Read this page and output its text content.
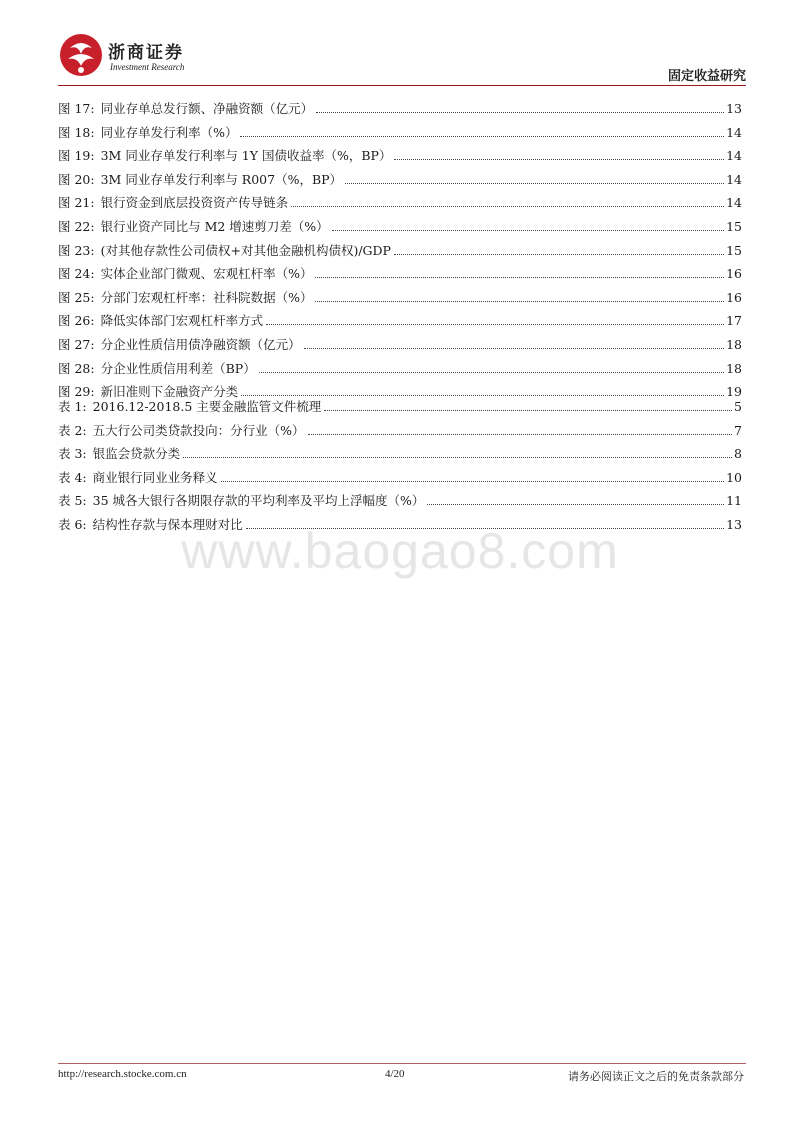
浙商证券
Investment Research
固定收益研究
图 17: 同业存单总发行额、净融资额（亿元）	13
图 18: 同业存单发行利率（%）	14
图 19: 3M 同业存单发行利率与 1Y 国债收益率（%，BP）	14
图 20: 3M 同业存单发行利率与 R007（%，BP）	14
图 21: 银行资金到底层投资资产传导链条	14
图 22: 银行业资产同比与 M2 增速剪刀差（%）	15
图 23: (对其他存款性公司债权+对其他金融机构债权)/GDP	15
图 24: 实体企业部门微观、宏观杠杆率（%）	16
图 25: 分部门宏观杠杆率：社科院数据（%）	16
图 26: 降低实体部门宏观杠杆率方式	17
图 27: 分企业性质信用债净融资额（亿元）	18
图 28: 分企业性质信用利差（BP）	18
图 29: 新旧准则下金融资产分类	19
表 1: 2016.12-2018.5 主要金融监管文件梳理	5
表 2: 五大行公司类贷款投向：分行业（%）	7
表 3: 银监会贷款分类	8
表 4: 商业银行同业业务释义	10
表 5: 35 城各大银行各期限存款的平均利率及平均上浮幅度（%）	11
表 6: 结构性存款与保本理财对比	13
www.baogao8.com
http://research.stocke.com.cn	4/20	请务必阅读正文之后的免责条款部分
